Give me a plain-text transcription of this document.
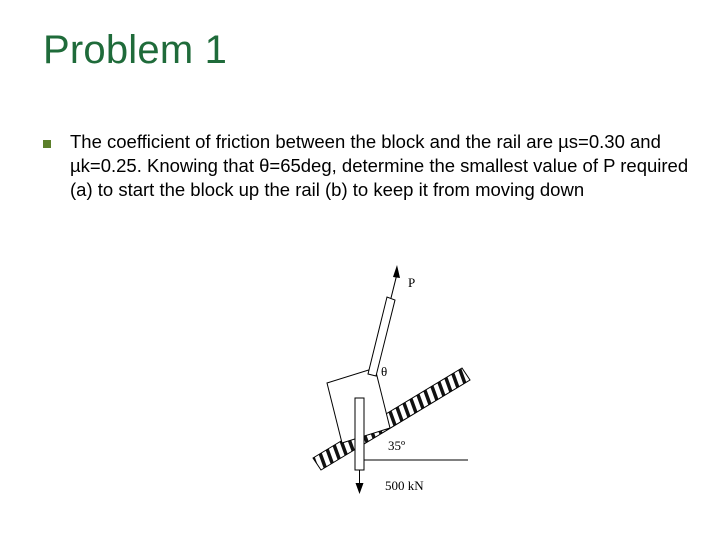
Problem 1
The coefficient of friction between the block and the rail are µs=0.30 and µk=0.25. Knowing that θ=65deg, determine the smallest value of P required (a) to start the block up the rail (b) to keep it from moving down
P
θ
35º
500 kN
